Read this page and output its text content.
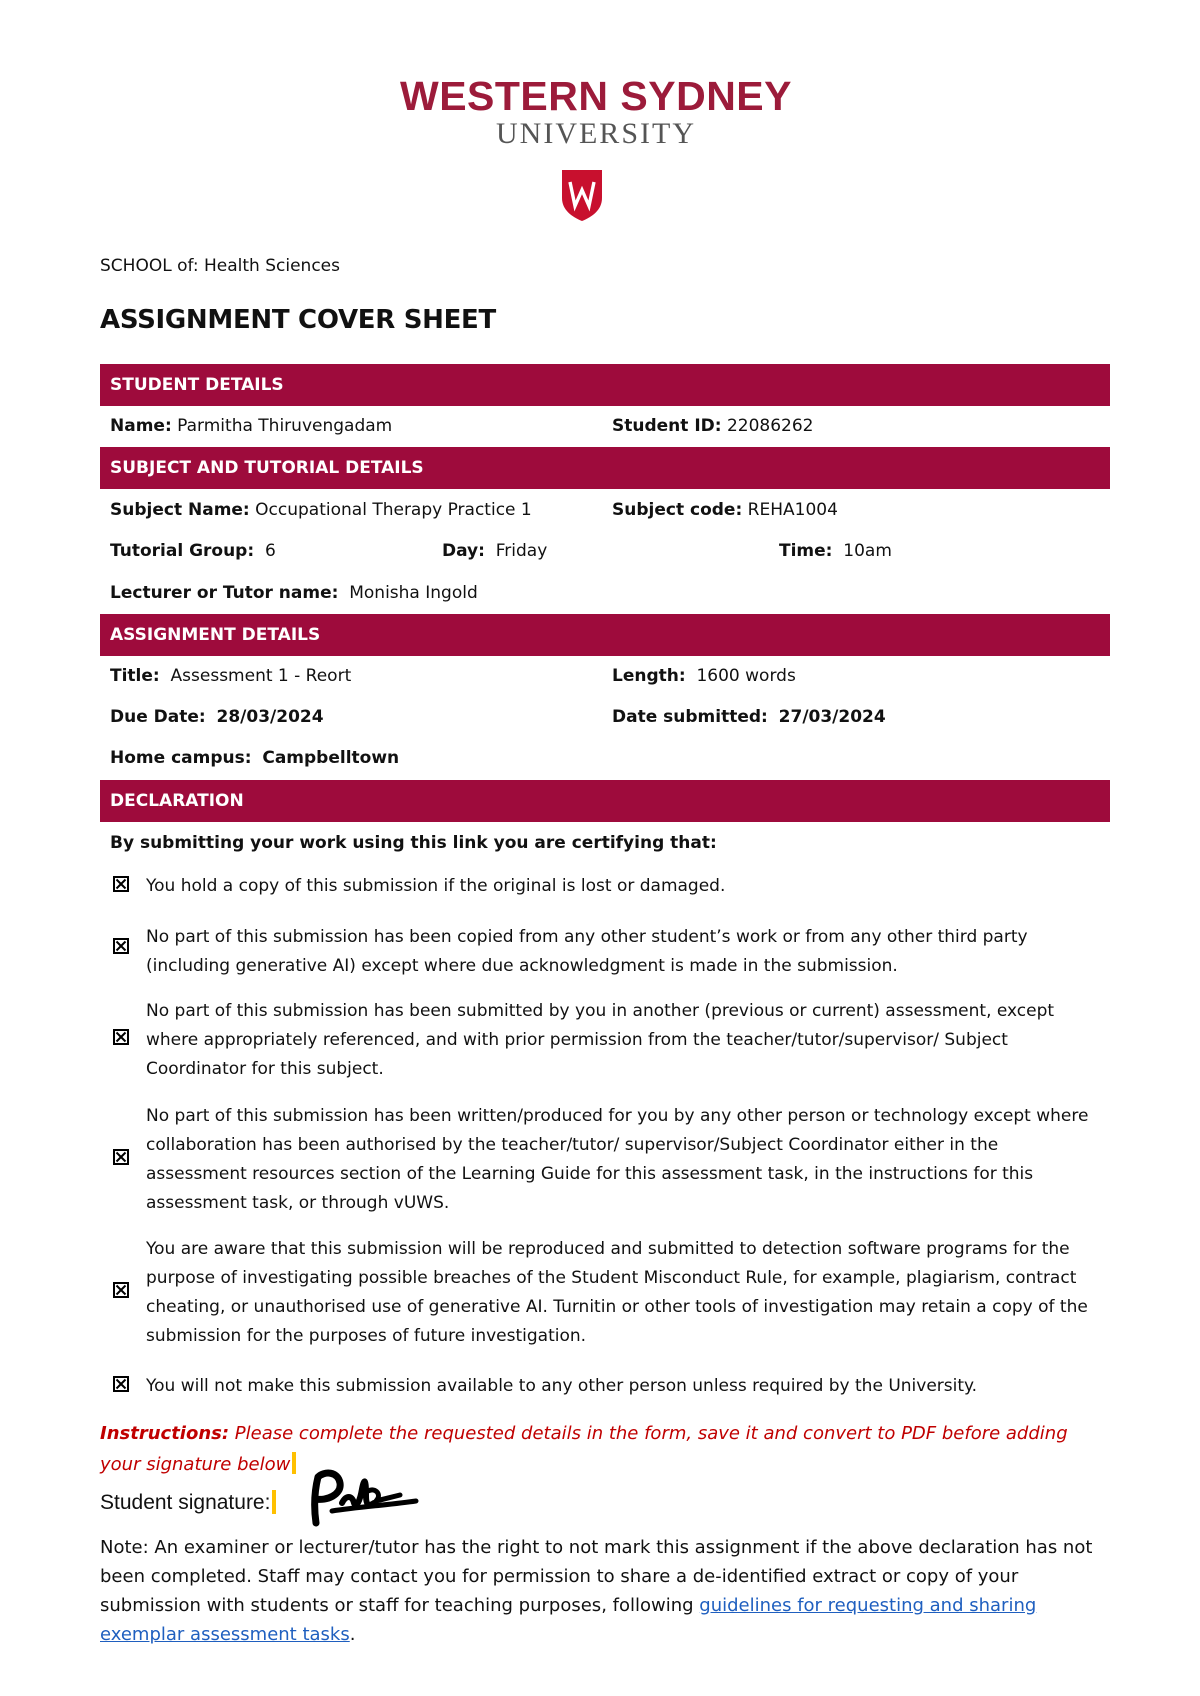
WESTERN SYDNEY
UNIVERSITY
SCHOOL of: Health Sciences
ASSIGNMENT COVER SHEET
STUDENT DETAILS
Name: Parmitha Thiruvengadam	Student ID: 22086262
SUBJECT AND TUTORIAL DETAILS
Subject Name: Occupational Therapy Practice 1	Subject code: REHA1004
Tutorial Group: 6	Day: Friday	Time: 10am
Lecturer or Tutor name: Monisha Ingold
ASSIGNMENT DETAILS
Title: Assessment 1 - Reort	Length: 1600 words
Due Date: 28/03/2024	Date submitted: 27/03/2024
Home campus: Campbelltown
DECLARATION
By submitting your work using this link you are certifying that:
You hold a copy of this submission if the original is lost or damaged.
No part of this submission has been copied from any other student’s work or from any other third party (including generative AI) except where due acknowledgment is made in the submission.
No part of this submission has been submitted by you in another (previous or current) assessment, except where appropriately referenced, and with prior permission from the teacher/tutor/supervisor/ Subject Coordinator for this subject.
No part of this submission has been written/produced for you by any other person or technology except where collaboration has been authorised by the teacher/tutor/ supervisor/Subject Coordinator either in the assessment resources section of the Learning Guide for this assessment task, in the instructions for this assessment task, or through vUWS.
You are aware that this submission will be reproduced and submitted to detection software programs for the purpose of investigating possible breaches of the Student Misconduct Rule, for example, plagiarism, contract cheating, or unauthorised use of generative AI. Turnitin or other tools of investigation may retain a copy of the submission for the purposes of future investigation.
You will not make this submission available to any other person unless required by the University.
Instructions: Please complete the requested details in the form, save it and convert to PDF before adding your signature below
Student signature:
Note: An examiner or lecturer/tutor has the right to not mark this assignment if the above declaration has not been completed. Staff may contact you for permission to share a de-identified extract or copy of your submission with students or staff for teaching purposes, following guidelines for requesting and sharing exemplar assessment tasks.
